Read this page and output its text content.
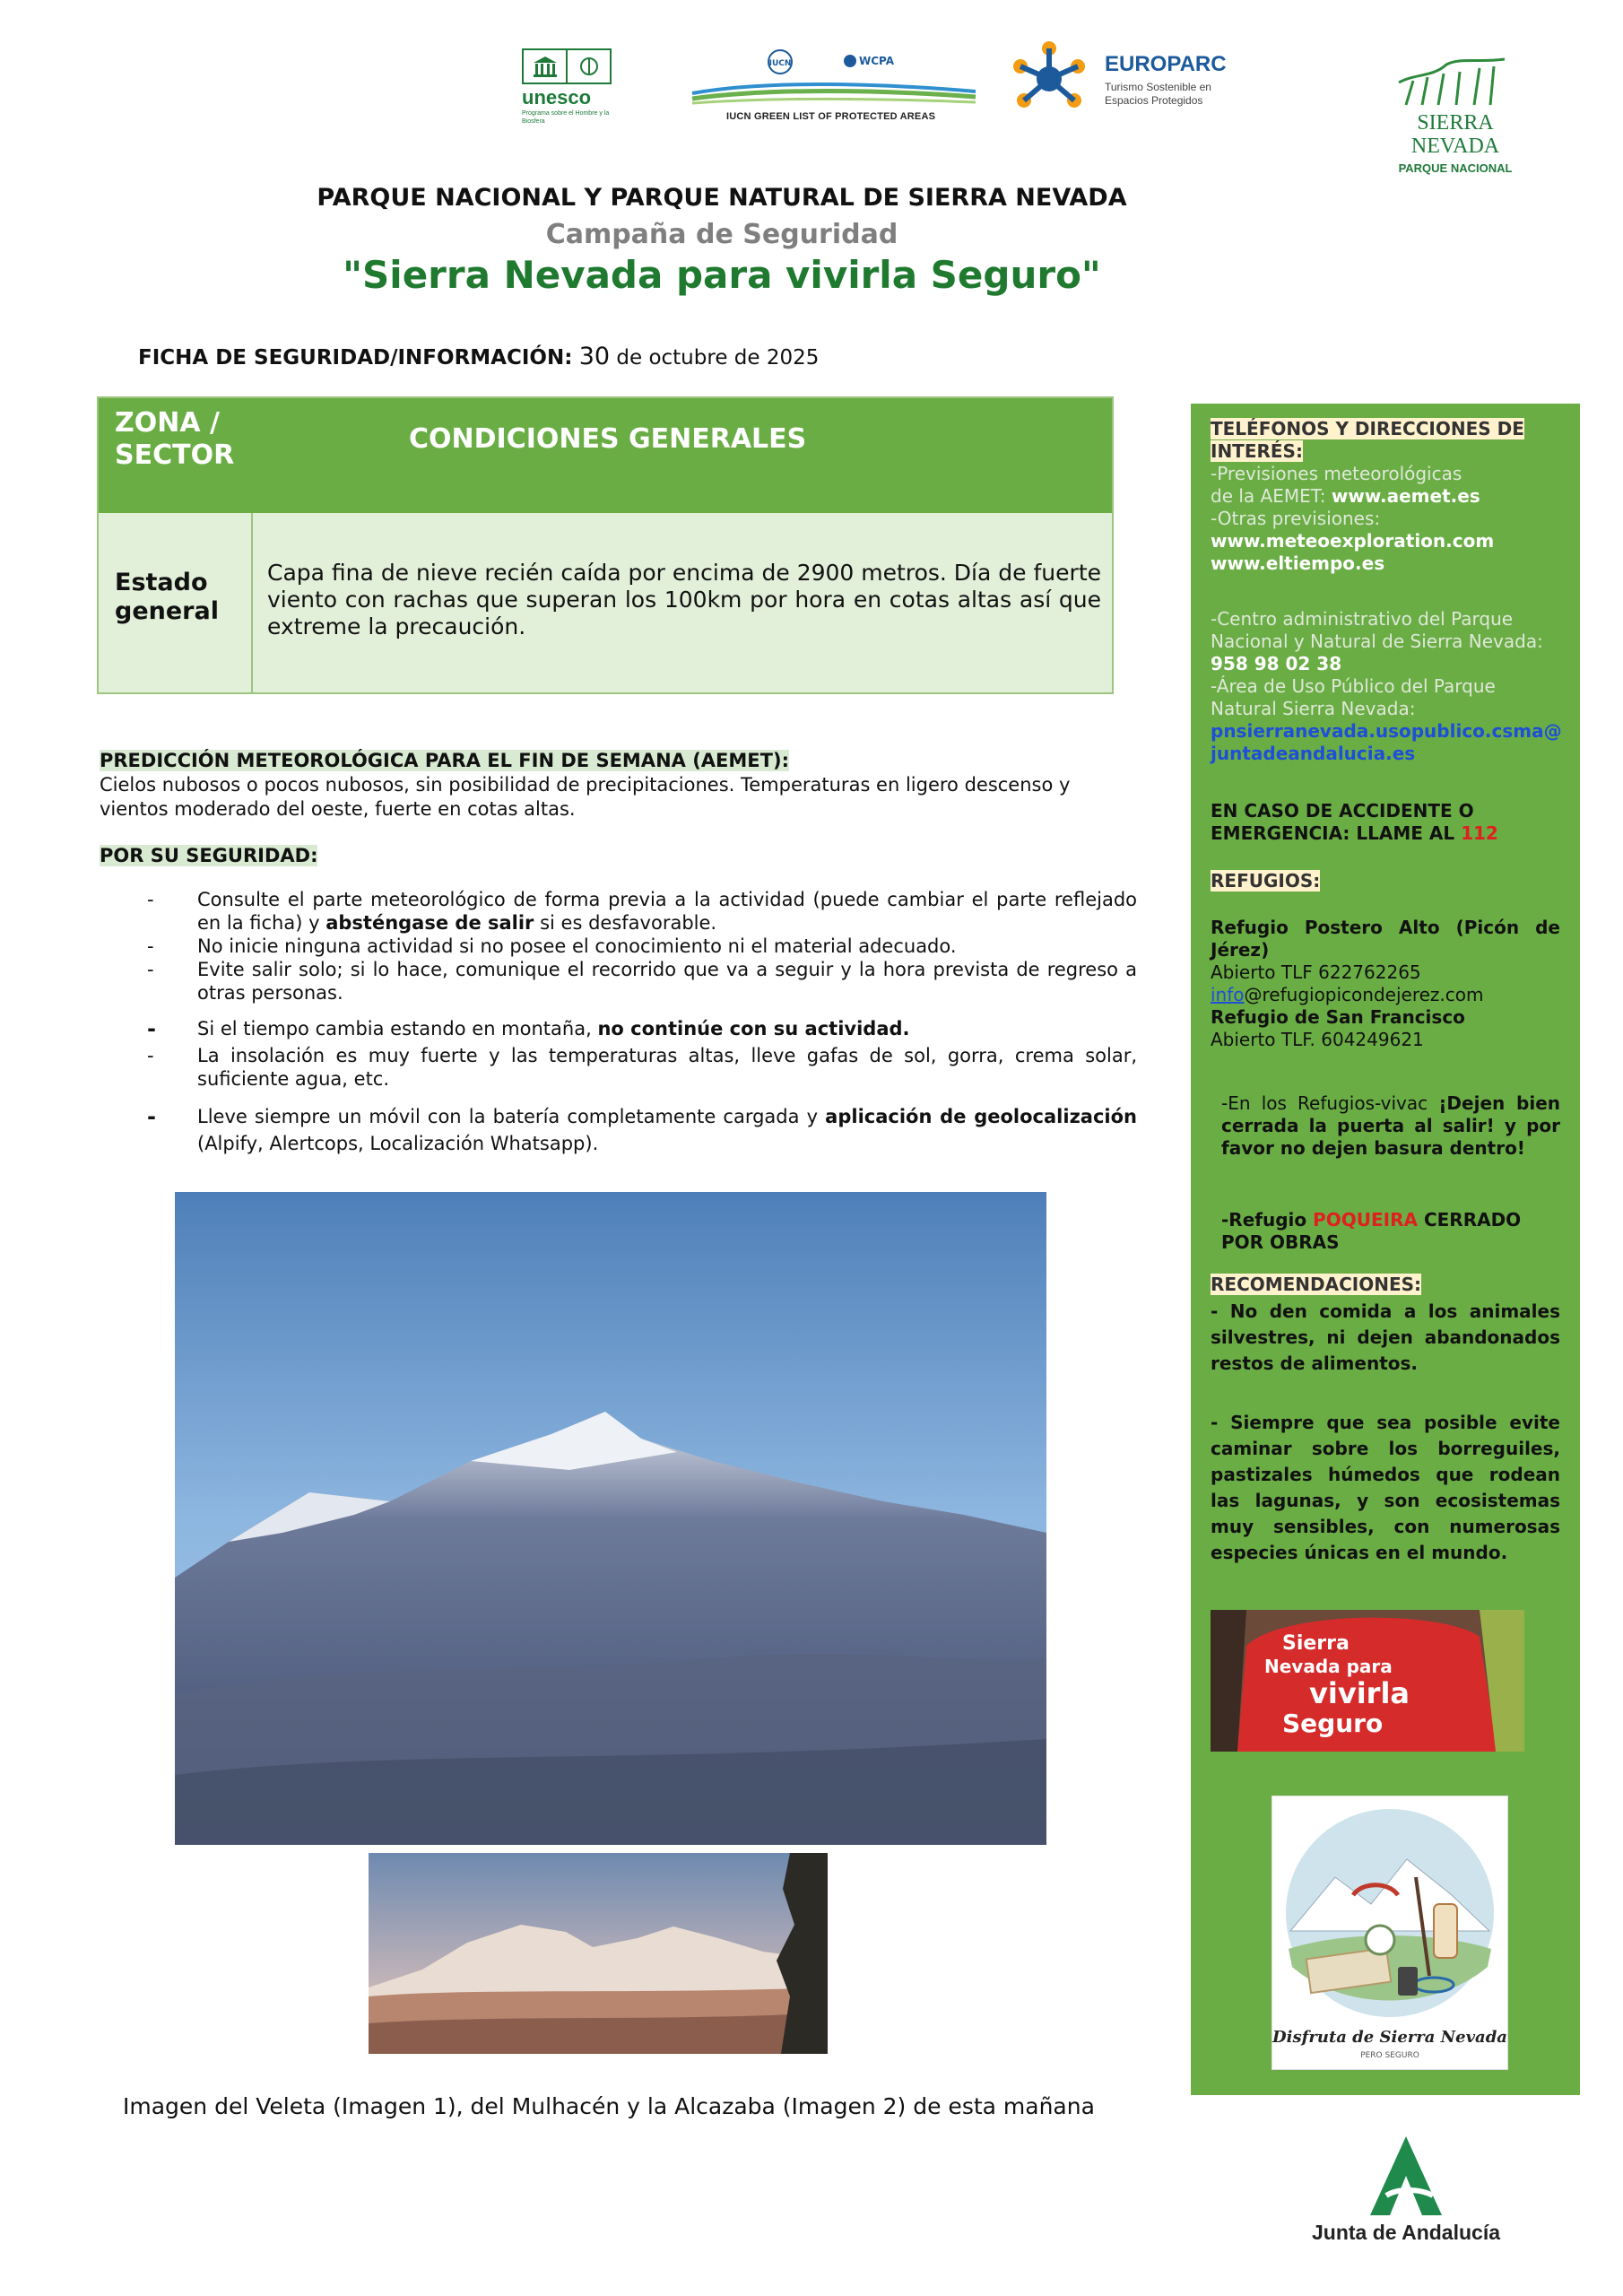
unesco
Programa sobre el Hombre y la Biosfera
IUCN	WCPA
IUCN GREEN LIST OF PROTECTED AREAS
EUROPARC
Turismo Sostenible en
Espacios Protegidos
SIERRA
NEVADA
PARQUE NACIONAL
PARQUE NACIONAL Y PARQUE NATURAL DE SIERRA NEVADA
Campaña de Seguridad
"Sierra Nevada para vivirla Seguro"
FICHA DE SEGURIDAD/INFORMACIÓN: 30 de octubre de 2025
ZONA /
SECTOR
CONDICIONES GENERALES
Estado
general
Capa fina de nieve recién caída por encima de 2900 metros. Día de fuerte viento con rachas que superan los 100km por hora en cotas altas así que extreme la precaución.
PREDICCIÓN METEOROLÓGICA PARA EL FIN DE SEMANA (AEMET):
Cielos nubosos o pocos nubosos, sin posibilidad de precipitaciones. Temperaturas en ligero descenso y vientos moderado del oeste, fuerte en cotas altas.
POR SU SEGURIDAD:
- Consulte el parte meteorológico de forma previa a la actividad (puede cambiar el parte reflejado en la ficha) y absténgase de salir si es desfavorable.
- No inicie ninguna actividad si no posee el conocimiento ni el material adecuado.
- Evite salir solo; si lo hace, comunique el recorrido que va a seguir y la hora prevista de regreso a otras personas.
- Si el tiempo cambia estando en montaña, no continúe con su actividad.
- La insolación es muy fuerte y las temperaturas altas, lleve gafas de sol, gorra, crema solar, suficiente agua, etc.
- Lleve siempre un móvil con la batería completamente cargada y aplicación de geolocalización (Alpify, Alertcops, Localización Whatsapp).
Imagen del Veleta (Imagen 1), del Mulhacén y la Alcazaba (Imagen 2) de esta mañana
TELÉFONOS Y DIRECCIONES DE INTERÉS:
-Previsiones meteorológicas
de la AEMET: www.aemet.es
-Otras previsiones:
www.meteoexploration.com
www.eltiempo.es
-Centro administrativo del Parque Nacional y Natural de Sierra Nevada:
958 98 02 38
-Área de Uso Público del Parque Natural Sierra Nevada:
pnsierranevada.usopublico.csma@
juntadeandalucia.es
EN CASO DE ACCIDENTE O EMERGENCIA: LLAME AL 112
REFUGIOS:
Refugio Postero Alto (Picón de Jérez)
Abierto TLF 622762265
info@refugiopicondejerez.com
Refugio de San Francisco
Abierto TLF. 604249621
-En los Refugios-vivac ¡Dejen bien cerrada la puerta al salir! y por favor no dejen basura dentro!
-Refugio POQUEIRA CERRADO POR OBRAS
RECOMENDACIONES:
- No den comida a los animales silvestres, ni dejen abandonados restos de alimentos.
- Siempre que sea posible evite caminar sobre los borreguiles, pastizales húmedos que rodean las lagunas, y son ecosistemas muy sensibles, con numerosas especies únicas en el mundo.
Sierra
Nevada para
vivirla
Seguro
Disfruta de Sierra Nevada
PERO SEGURO
Junta de Andalucía
